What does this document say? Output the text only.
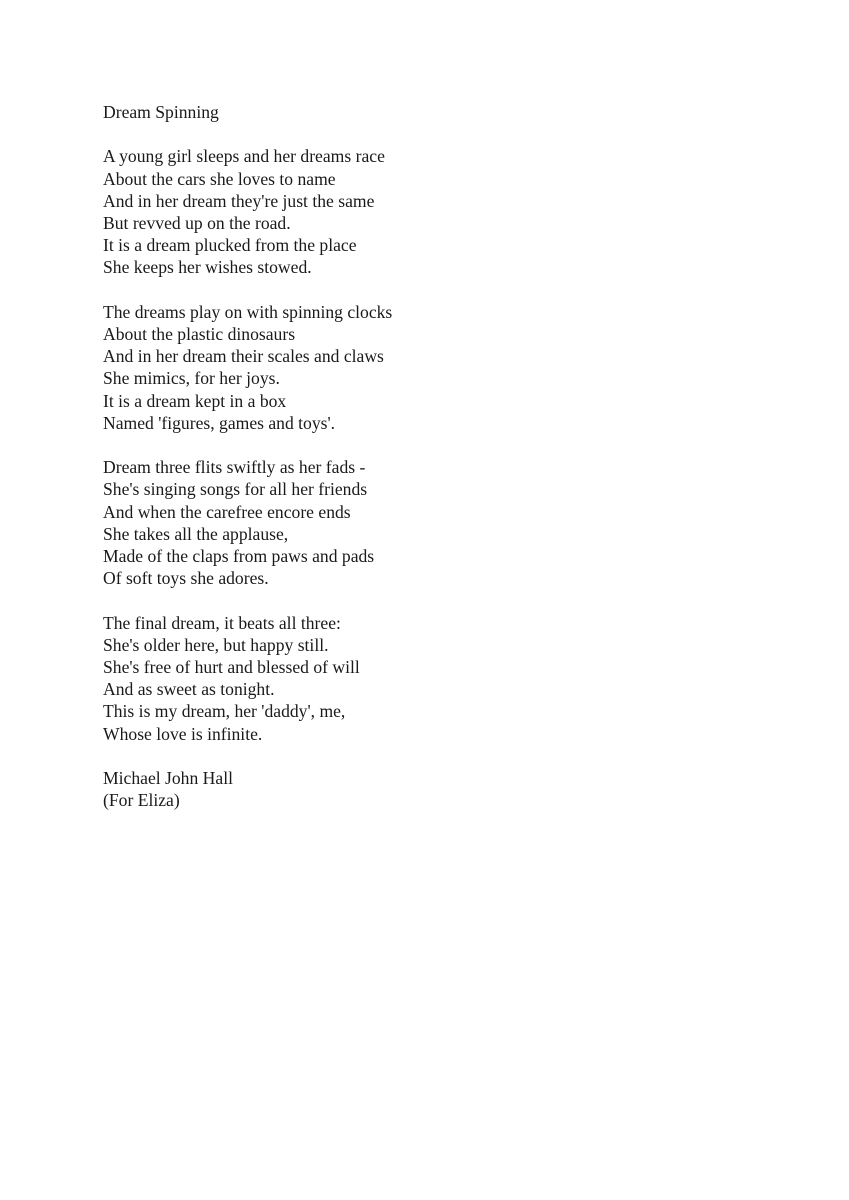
Dream Spinning
A young girl sleeps and her dreams race
About the cars she loves to name
And in her dream they're just the same
But revved up on the road.
It is a dream plucked from the place
She keeps her wishes stowed.
The dreams play on with spinning clocks
About the plastic dinosaurs
And in her dream their scales and claws
She mimics, for her joys.
It is a dream kept in a box
Named 'figures, games and toys'.
Dream three flits swiftly as her fads -
She's singing songs for all her friends
And when the carefree encore ends
She takes all the applause,
Made of the claps from paws and pads
Of soft toys she adores.
The final dream, it beats all three:
She's older here, but happy still.
She's free of hurt and blessed of will
And as sweet as tonight.
This is my dream, her 'daddy', me,
Whose love is infinite.
Michael John Hall
(For Eliza)
